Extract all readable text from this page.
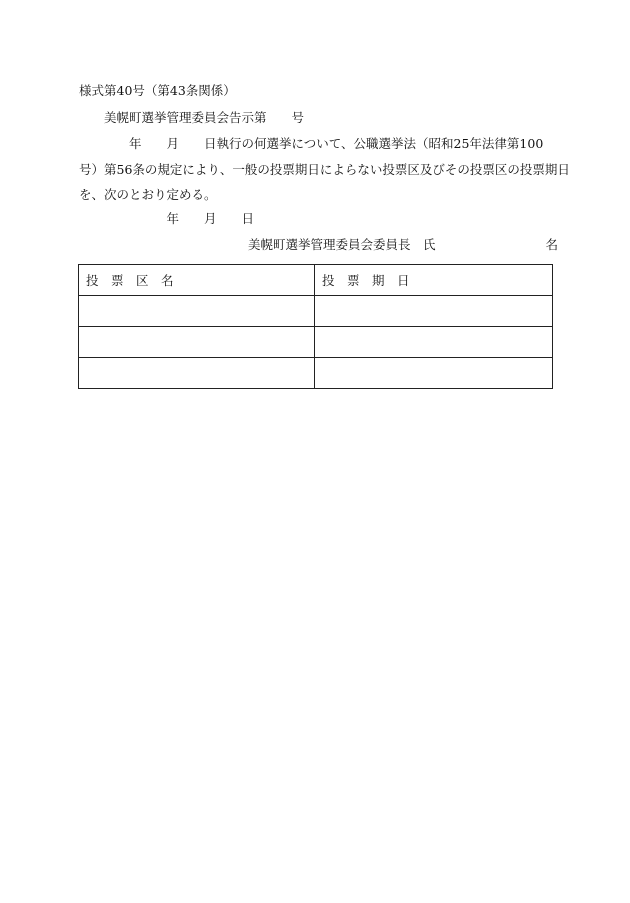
様式第40号（第43条関係）
美幌町選挙管理委員会告示第　　号
　　　　年　　月　　日執行の何選挙について、公職選挙法（昭和25年法律第100
号）第56条の規定により、一般の投票期日によらない投票区及びその投票区の投票期日
を、次のとおり定める。
　　　　　　　年　　月　　日
美幌町選挙管理委員会委員長　氏	名
投　票　区　名	投　票　期　日
